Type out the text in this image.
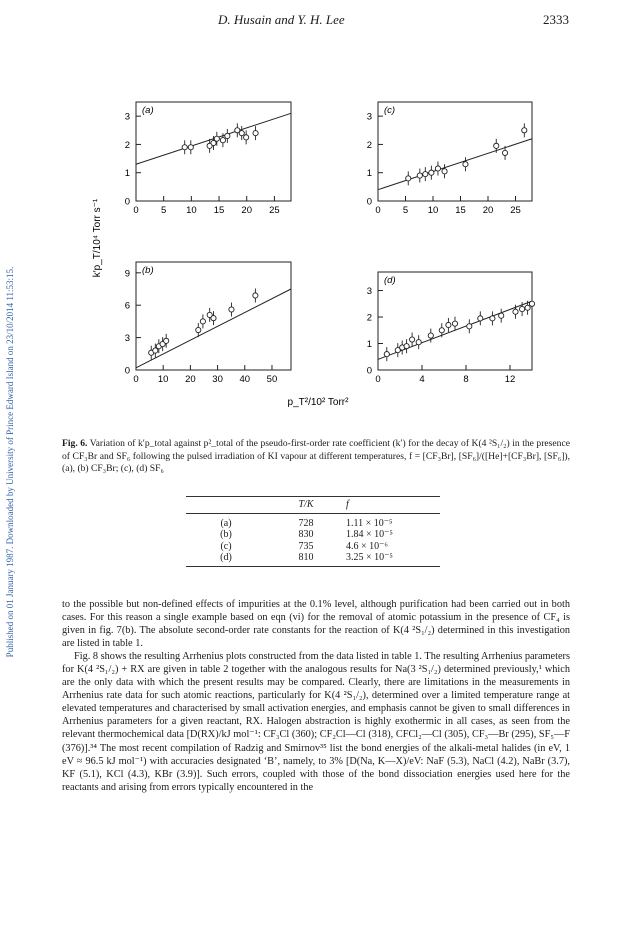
D. Husain and Y. H. Lee	2333
Published on 01 January 1987. Downloaded by University of Prince Edward Island on 23/10/2014 11:53:15.
k′p_T/10⁴ Torr s⁻¹
p_T²/10² Torr²
0 5 10 15 20 25
0
1
2
3
(a)
0 5 10 15 20 25
0
1
2
3
(c)
0 10 20 30 40 50
0
3
6
9 (b)
0	4	8	12
0
1
2
3
(d)
Fig. 6. Variation of k′p_total against p²_total of the pseudo-first-order rate coefficient (k′) for the decay of K(4 ²S₁/₂) in the presence of CF₃Br and SF₆ following the pulsed irradiation of KI vapour at different temperatures, f = [CF₃Br], [SF₆]/([He]+[CF₃Br], [SF₆]), (a), (b) CF₃Br; (c), (d) SF₆
	T/K	f
(a)	728	1.11 × 10⁻⁵
(b)	830	1.84 × 10⁻⁵
(c)	735	4.6 × 10⁻⁶
(d)	810	3.25 × 10⁻⁵

to the possible but non-defined effects of impurities at the 0.1% level, although purification had been carried out in both cases. For this reason a single example based on eqn (vi) for the removal of atomic potassium in the presence of CF₄ is given in fig. 7(b). The absolute second-order rate constants for the reaction of K(4 ²S₁/₂) determined in this investigation are listed in table 1.

Fig. 8 shows the resulting Arrhenius plots constructed from the data listed in table 1. The resulting Arrhenius parameters for K(4 ²S₁/₂) + RX are given in table 2 together with the analogous results for Na(3 ²S₁/₂) determined previously,¹ which are the only data with which the present results may be compared. Clearly, there are limitations in the measurements in Arrhenius rate data for such atomic reactions, particularly for K(4 ²S₁/₂), determined over a limited temperature range at elevated temperatures and characterised by small activation energies, and emphasis cannot be given to small differences in Arrhenius parameters for a given reactant, RX. Halogen abstraction is highly exothermic in all cases, as seen from the relevant thermochemical data [D(RX)/kJ mol⁻¹: CF₃Cl (360); CF₂Cl—Cl (318), CFCl₂—Cl (305), CF₃—Br (295), SF₅—F (376)].³⁴ The most recent compilation of Radzig and Smirnov³⁵ list the bond energies of the alkali-metal halides (in eV, 1 eV ≈ 96.5 kJ mol⁻¹) with accuracies designated ‘B’, namely, to 3% [D(Na, K—X)/eV: NaF (5.3), NaCl (4.2), NaBr (3.7), KF (5.1), KCl (4.3), KBr (3.9)]. Such errors, coupled with those of the bond dissociation energies used here for the reactants and arising from errors typically encountered in the
